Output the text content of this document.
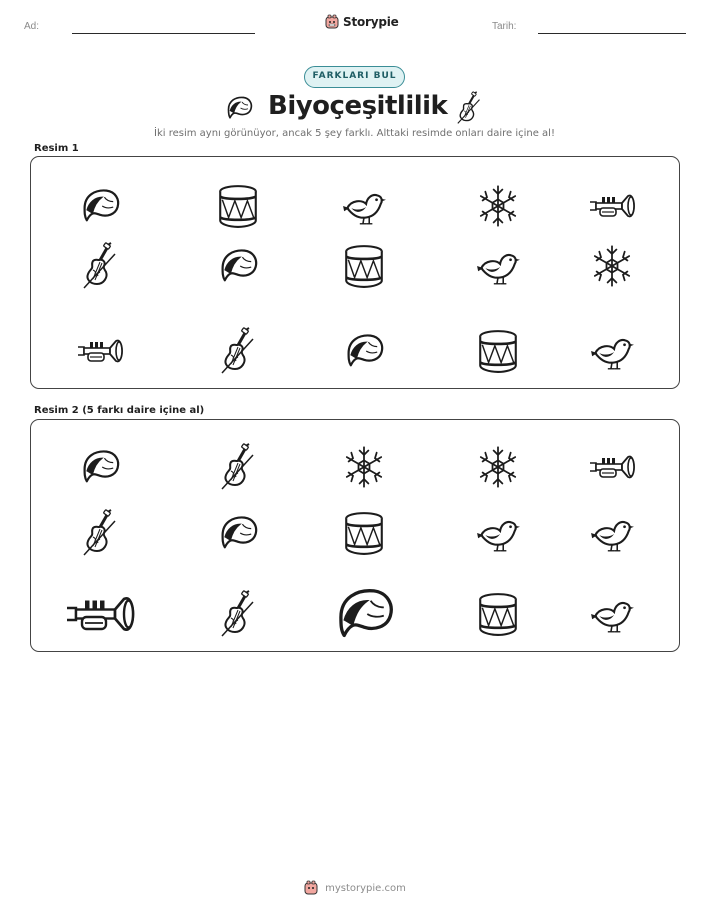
Ad:	Storypie	Tarih:
FARKLARI BUL
Biyoçeşitlilik
İki resim aynı görünüyor, ancak 5 şey farklı. Alttaki resimde onları daire içine al!
Resim 1
Resim 2 (5 farkı daire içine al)
mystorypie.com
